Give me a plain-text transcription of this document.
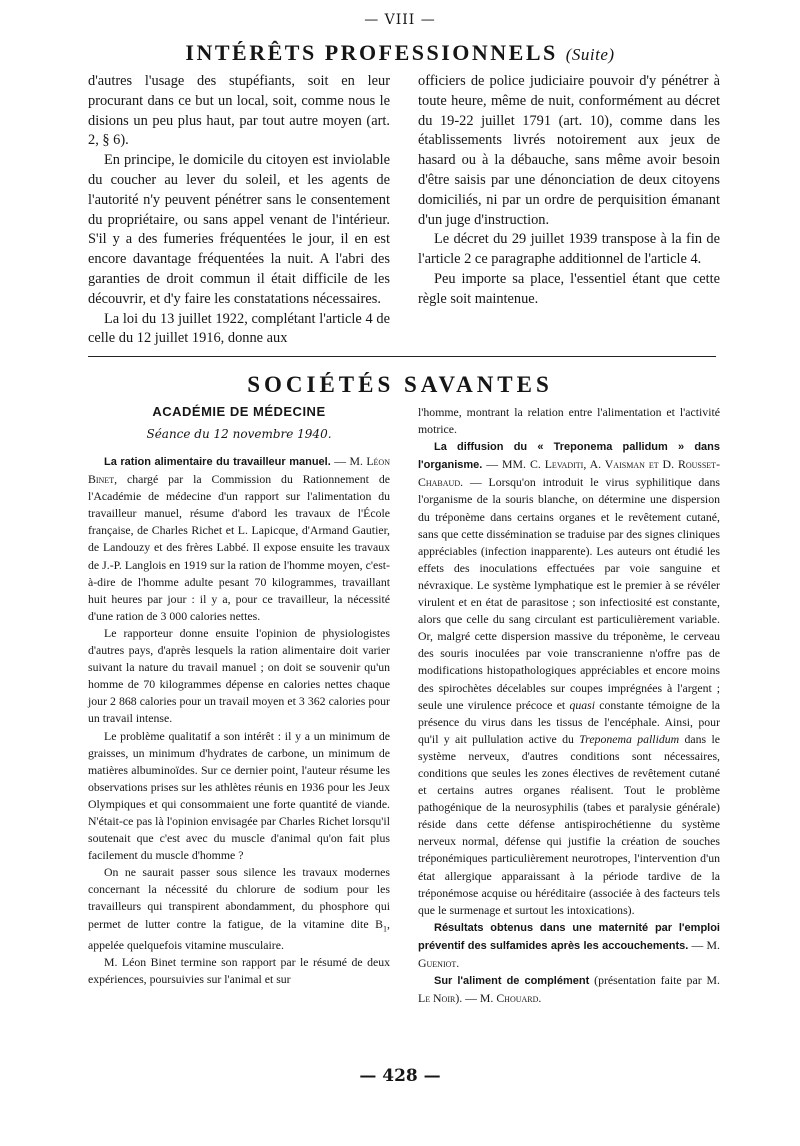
— VIII —
INTÉRÊTS PROFESSIONNELS (Suite)

d'autres l'usage des stupéfiants, soit en leur procurant dans ce but un local, soit, comme nous le disions un peu plus haut, par tout autre moyen (art. 2, § 6).

En principe, le domicile du citoyen est inviolable du coucher au lever du soleil, et les agents de l'autorité n'y peuvent pénétrer sans le consentement du propriétaire, ou sans appel venant de l'intérieur. S'il y a des fumeries fréquentées le jour, il en est encore davantage fréquentées la nuit. A l'abri des garanties de droit commun il était difficile de les découvrir, et d'y faire les constatations nécessaires.

La loi du 13 juillet 1922, complétant l'article 4 de celle du 12 juillet 1916, donne aux

officiers de police judiciaire pouvoir d'y pénétrer à toute heure, même de nuit, conformément au décret du 19-22 juillet 1791 (art. 10), comme dans les établissements livrés notoirement aux jeux de hasard ou à la débauche, sans même avoir besoin d'être saisis par une dénonciation de deux citoyens domiciliés, ni par un ordre de perquisition émanant d'un juge d'instruction.

Le décret du 29 juillet 1939 transpose à la fin de l'article 2 ce paragraphe additionnel de l'article 4.

Peu importe sa place, l'essentiel étant que cette règle soit maintenue.

SOCIÉTÉS SAVANTES
ACADÉMIE DE MÉDECINE
Séance du 12 novembre 1940.

La ration alimentaire du travailleur manuel. — M. Léon Binet, chargé par la Commission du Rationnement de l'Académie de médecine d'un rapport sur l'alimentation du travailleur manuel, résume d'abord les travaux de l'École française, de Charles Richet et L. Lapicque, d'Armand Gautier, de Landouzy et des frères Labbé. Il expose ensuite les travaux de J.-P. Langlois en 1919 sur la ration de l'homme moyen, c'est-à-dire de l'homme adulte pesant 70 kilogrammes, travaillant huit heures par jour : il y a, pour ce travailleur, la nécessité d'une ration de 3 000 calories nettes.

Le rapporteur donne ensuite l'opinion de physiologistes d'autres pays, d'après lesquels la ration alimentaire doit varier suivant la nature du travail manuel ; on doit se souvenir qu'un homme de 70 kilogrammes dépense en calories nettes chaque jour 2 868 calories pour un travail moyen et 3 362 calories pour un travail intense.

Le problème qualitatif a son intérêt : il y a un minimum de graisses, un minimum d'hydrates de carbone, un minimum de matières albuminoïdes. Sur ce dernier point, l'auteur résume les observations prises sur les athlètes réunis en 1936 pour les Jeux Olympiques et qui consommaient une forte quantité de viande. N'était-ce pas là l'opinion envisagée par Charles Richet lorsqu'il soutenait que c'est avec du muscle d'animal qu'on fait plus facilement du muscle d'homme ?

On ne saurait passer sous silence les travaux modernes concernant la nécessité du chlorure de sodium pour les travailleurs qui transpirent abondamment, du phosphore qui permet de lutter contre la fatigue, de la vitamine dite $B_1$, appelée quelquefois vitamine musculaire.

M. Léon Binet termine son rapport par le résumé de deux expériences, poursuivies sur l'animal et sur

l'homme, montrant la relation entre l'alimentation et l'activité motrice.

La diffusion du « Treponema pallidum » dans l'organisme. — MM. C. Levaditi, A. Vaisman et D. Rousset-Chabaud. — Lorsqu'on introduit le virus syphilitique dans l'organisme de la souris blanche, on détermine une dispersion du tréponème dans certains organes et le revêtement cutané, sans que cette dissémination se traduise par des signes cliniques appréciables (infection inapparente). Les auteurs ont étudié les effets des inoculations effectuées par voie sanguine et névraxique. Le système lymphatique est le premier à se révéler virulent et en état de parasitose ; son infectiosité est constante, alors que celle du sang circulant est particulièrement variable. Or, malgré cette dispersion massive du tréponème, le cerveau des souris inoculées par voie transcranienne n'offre pas de modifications histopathologiques appréciables et encore moins des spirochètes décelables sur coupes imprégnées à l'argent ; seule une virulence précoce et quasi constante témoigne de la présence du virus dans les tissus de l'encéphale. Ainsi, pour qu'il y ait pullulation active du Treponema pallidum dans le système nerveux, d'autres conditions sont nécessaires, conditions que seules les zones électives de revêtement cutané et certains autres organes réalisent. Tout le problème pathogénique de la neurosyphilis (tabes et paralysie générale) réside dans cette défense antispirochétienne du système nerveux normal, défense qui justifie la création de souches tréponémiques particulièrement neurotropes, l'intervention d'un état allergique apparaissant à la période tardive de la tréponémose acquise ou héréditaire (associée à des facteurs tels que le surmenage et surtout les intoxications).

Résultats obtenus dans une maternité par l'emploi préventif des sulfamides après les accouchements. — M. Gueniot.

Sur l'aliment de complément (présentation faite par M. Le Noir). — M. Chouard.

— 428 —
